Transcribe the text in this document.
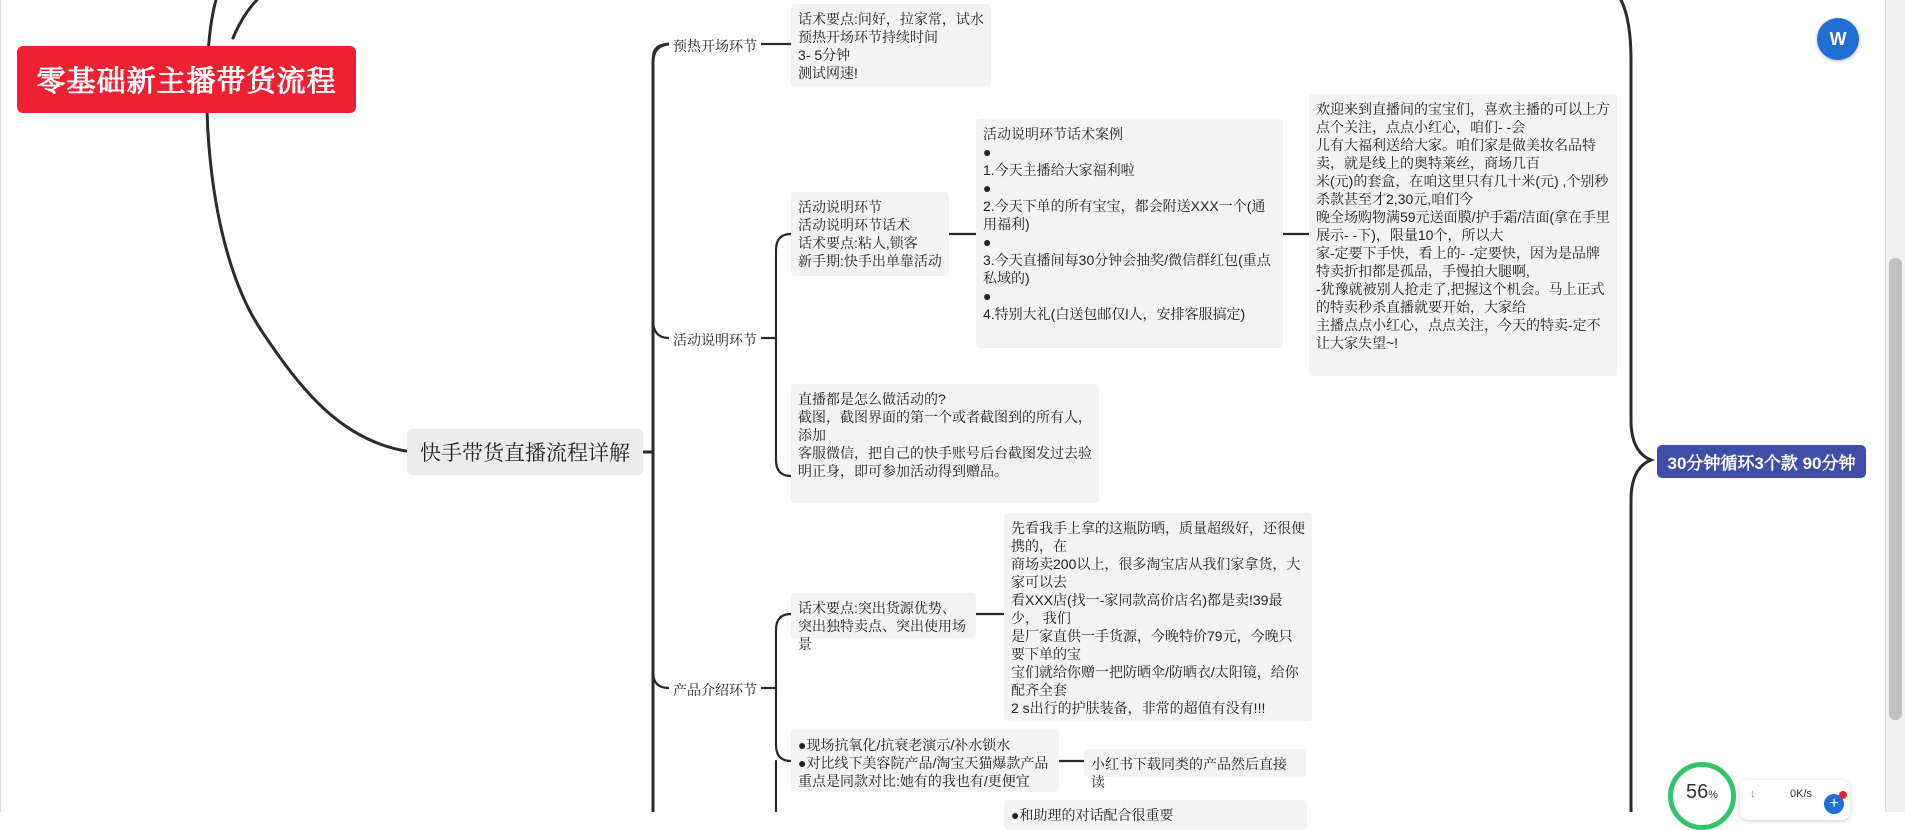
零基础新主播带货流程
快手带货直播流程详解
预热开场环节
话术要点:问好，拉家常，试水
预热开场环节持续时间
3- 5分钟
测试网速!
活动说明环节
活动说明环节
活动说明环节话术
话术要点:粘人,锁客
新手期:快手出单靠活动
活动说明环节话术案例
●
1.今天主播给大家福利啦
●
2.今天下单的所有宝宝，都会附送XXX一个(通用福利)
●
3.今天直播间每30分钟会抽奖/微信群红包(重点私域的)
●
4.特别大礼(白送包邮仅l人，安排客服搞定)
欢迎来到直播间的宝宝们，喜欢主播的可以上方点个关注，点点小红心，咱们- -会
儿有大福利送给大家。咱们家是做美妆名品特卖，就是线上的奥特莱丝，商场几百
米(元)的套盒，在咱这里只有几十米(元) ,个别秒杀款甚至才2,30元,咱们今
晚全场购物满59元送面膜/护手霜/洁面(拿在手里展示- -下)，限量10个，所以大
家-定要下手快，看上的- -定要快，因为是品牌特卖折扣都是孤品，手慢拍大腿啊,
-犹豫就被别人抢走了,把握这个机会。马上正式的特卖秒杀直播就要开始，大家给
主播点点小红心，点点关注，今天的特卖-定不让大家失望~!
直播都是怎么做活动的?
截图，截图界面的第一个或者截图到的所有人，添加
客服微信，把自己的快手账号后台截图发过去验明正身，即可参加活动得到赠品。
产品介绍环节
话术要点:突出货源优势、突出独特卖点、突出使用场景
先看我手上拿的这瓶防晒，质量超级好，还很便携的，在
商场卖200以上，很多淘宝店从我们家拿货，大家可以去
看XXX店(找一-家同款高价店名)都是卖!39最少， 我们
是厂家直供一手货源，今晚特价79元，今晚只要下单的宝
宝们就给你赠一把防晒伞/防晒衣/太阳镜，给你配齐全套
2 s出行的护肤装备，非常的超值有没有!!!
●现场抗氧化/抗衰老演示/补水锁水
●对比线下美容院产品/淘宝天猫爆款产品
重点是同款对比:她有的我也有/更便宜
小红书下载同类的产品然后直接读
●和助理的对话配合很重要
30分钟循环3个款 90分钟
W
56 %	↓	0K/s
+
